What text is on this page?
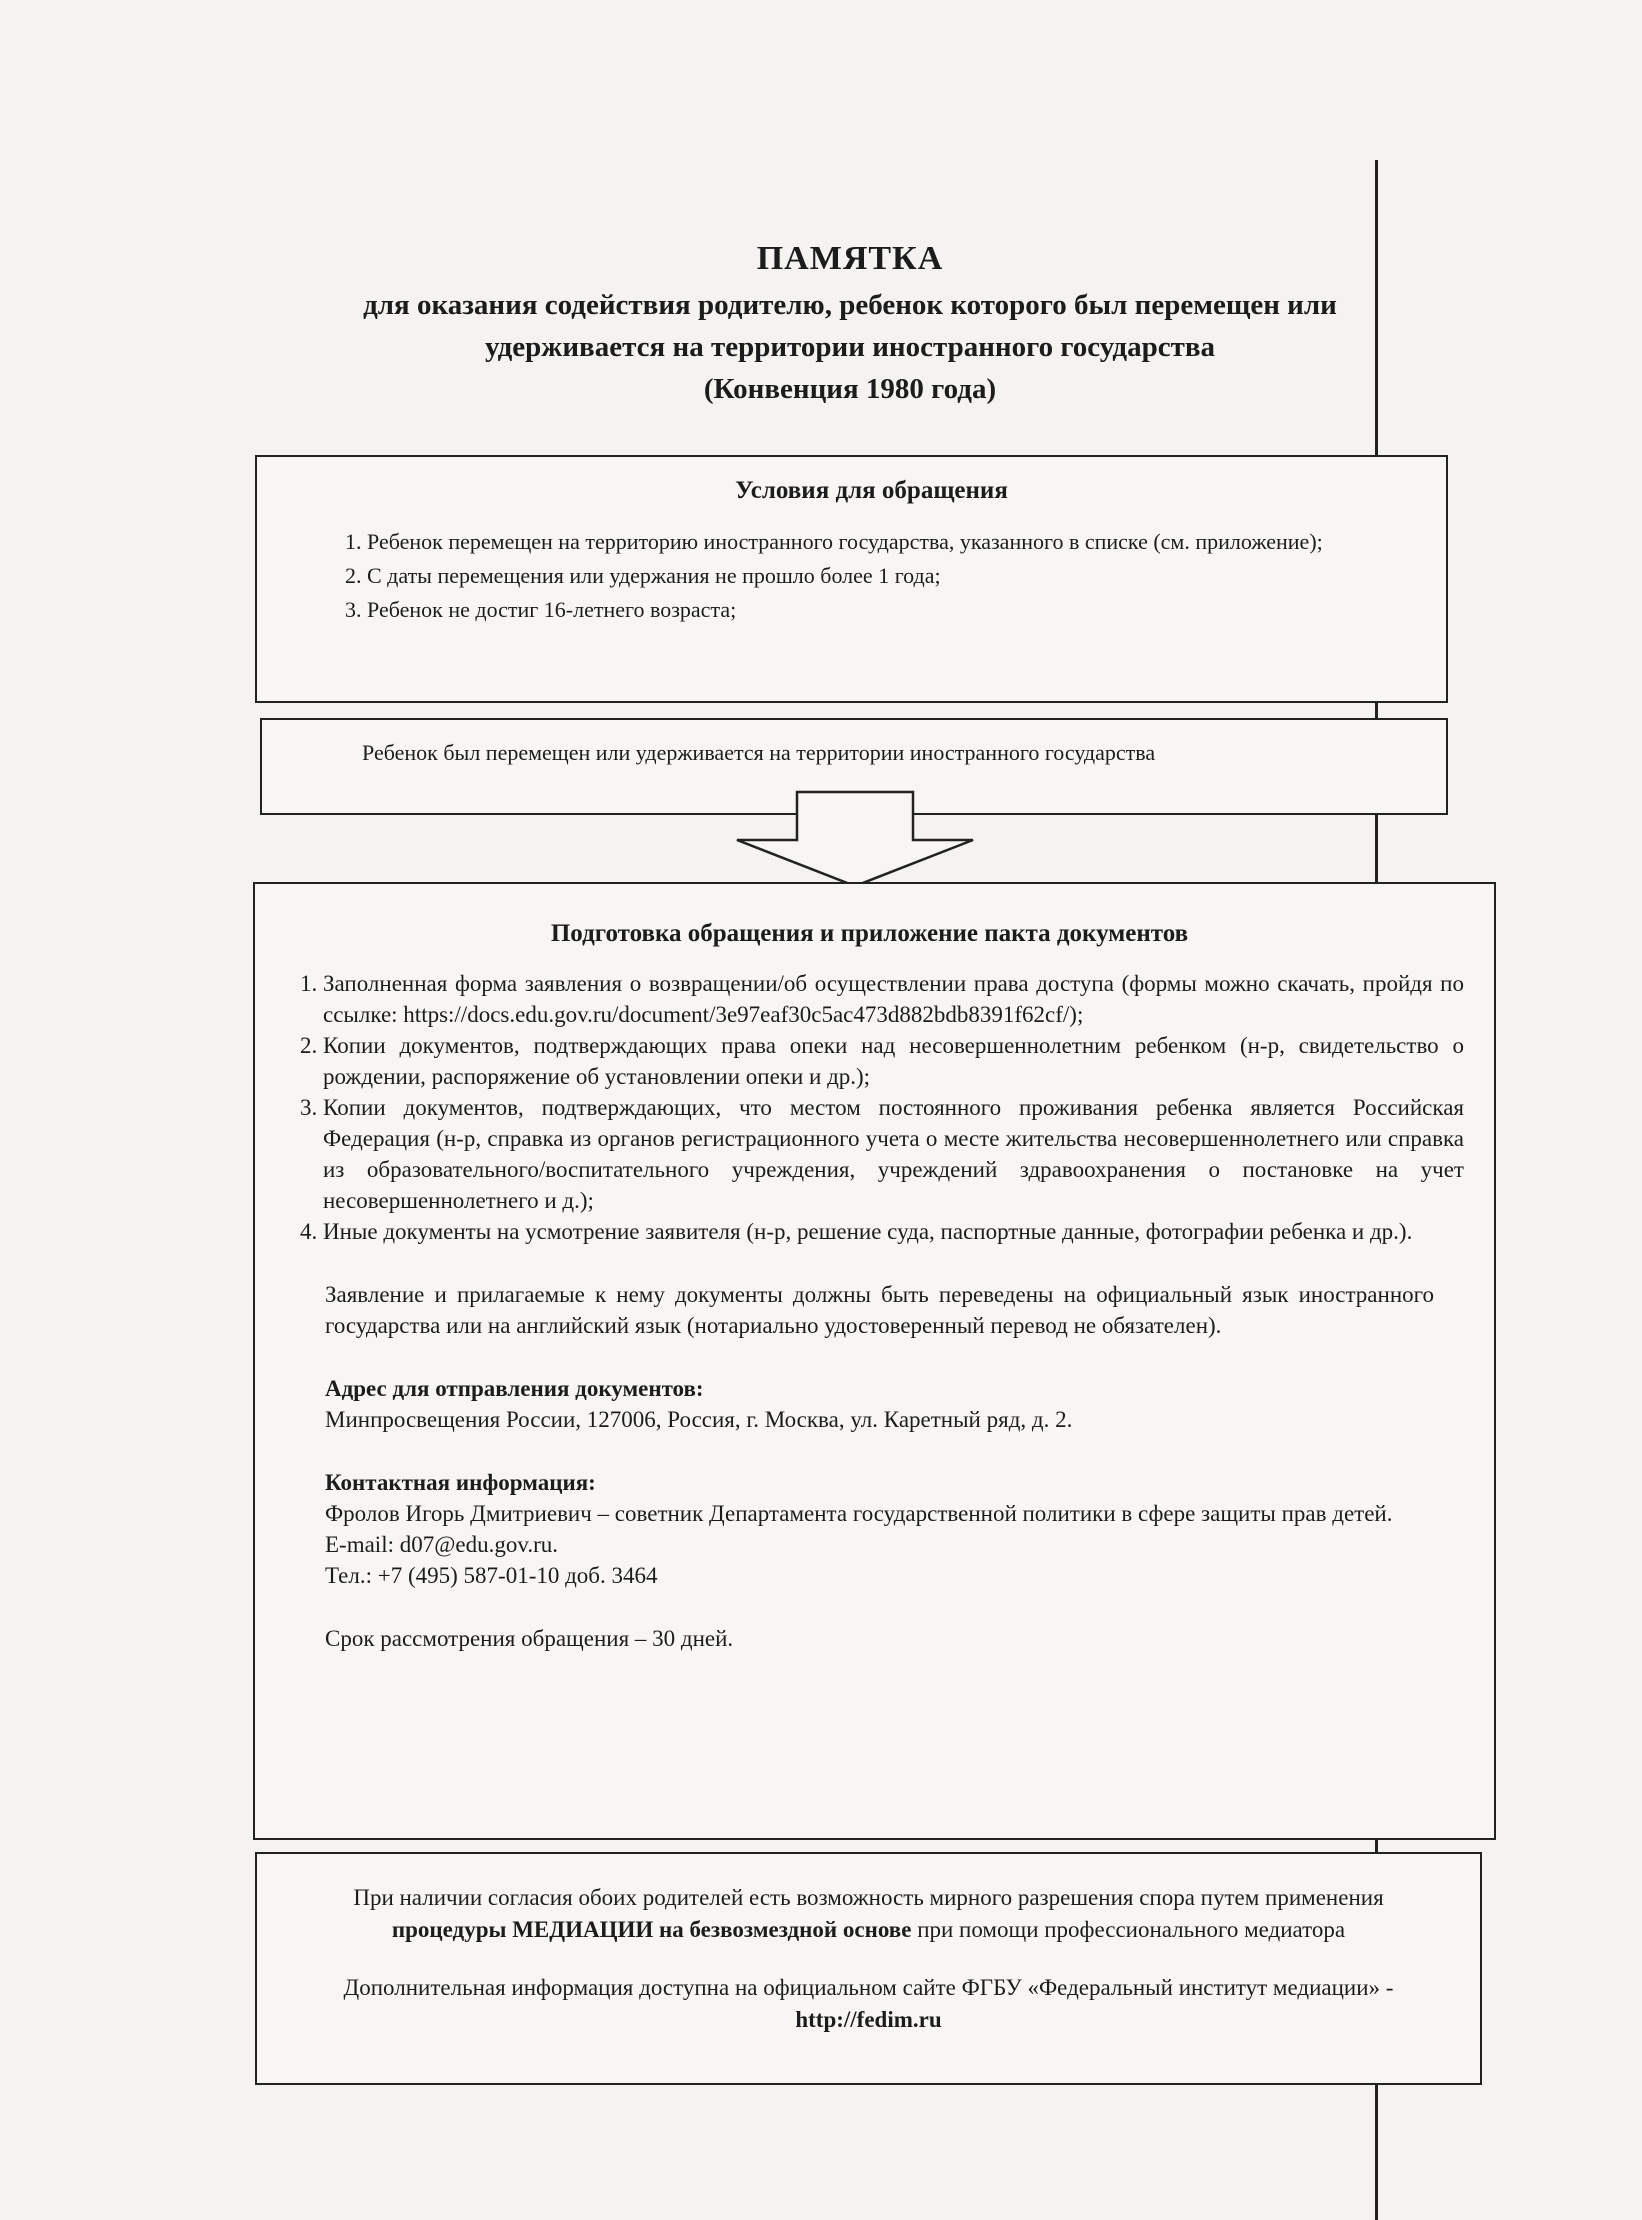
ПАМЯТКА
для оказания содействия родителю, ребенок которого был перемещен или
удерживается на территории иностранного государства
(Конвенция 1980 года)
Условия для обращения
1. Ребенок перемещен на территорию иностранного государства, указанного в списке (см. приложение);
2. С даты перемещения или удержания не прошло более 1 года;
3. Ребенок не достиг 16-летнего возраста;
Ребенок был перемещен или удерживается на территории иностранного государства
Подготовка обращения и приложение пакта документов
1. Заполненная форма заявления о возвращении/об осуществлении права доступа (формы можно скачать, пройдя по ссылке: https://docs.edu.gov.ru/document/3e97eaf30c5ac473d882bdb8391f62cf/);
2. Копии документов, подтверждающих права опеки над несовершеннолетним ребенком (н-р, свидетельство о рождении, распоряжение об установлении опеки и др.);
3. Копии документов, подтверждающих, что местом постоянного проживания ребенка является Российская Федерация (н-р, справка из органов регистрационного учета о месте жительства несовершеннолетнего или справка из образовательного/воспитательного учреждения, учреждений здравоохранения о постановке на учет несовершеннолетнего и д.);
4. Иные документы на усмотрение заявителя (н-р, решение суда, паспортные данные, фотографии ребенка и др.).

Заявление и прилагаемые к нему документы должны быть переведены на официальный язык иностранного государства или на английский язык (нотариально удостоверенный перевод не обязателен).

Адрес для отправления документов:
Минпросвещения России, 127006, Россия, г. Москва, ул. Каретный ряд, д. 2.
Контактная информация:
Фролов Игорь Дмитриевич – советник Департамента государственной политики в сфере защиты прав детей.
E-mail: d07@edu.gov.ru.
Тел.: +7 (495) 587-01-10 доб. 3464
Срок рассмотрения обращения – 30 дней.

При наличии согласия обоих родителей есть возможность мирного разрешения спора путем применения процедуры МЕДИАЦИИ на безвозмездной основе при помощи профессионального медиатора

Дополнительная информация доступна на официальном сайте ФГБУ «Федеральный институт медиации» - http://fedim.ru
